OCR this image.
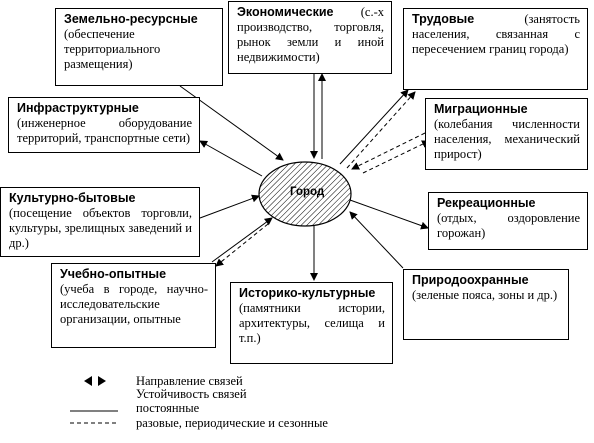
Город
Земельно-ресурсные
(обеспечение территориального размещения)
Экономические (с.-х производство, торговля, рынок земли и иной недвижимости)
Трудовые (занятость населения, связанная с пересечением границ города)
Инфраструктурные
(инженерное оборудование территорий, транспортные сети)
Миграционные
(колебания численности населения, механический прирост)
Культурно-бытовые
(посещение объектов торговли, культуры, зрелищных заведений и др.)
Рекреационные
(отдых, оздоровление горожан)
Учебно-опытные
(учеба в городе, научно-исследовательские организации, опытные
Историко-культурные
(памятники истории, архитектуры, селища и т.п.)
Природоохранные
(зеленые пояса, зоны и др.)
Направление связей
Устойчивость связей
постоянные
разовые, периодические и сезонные
